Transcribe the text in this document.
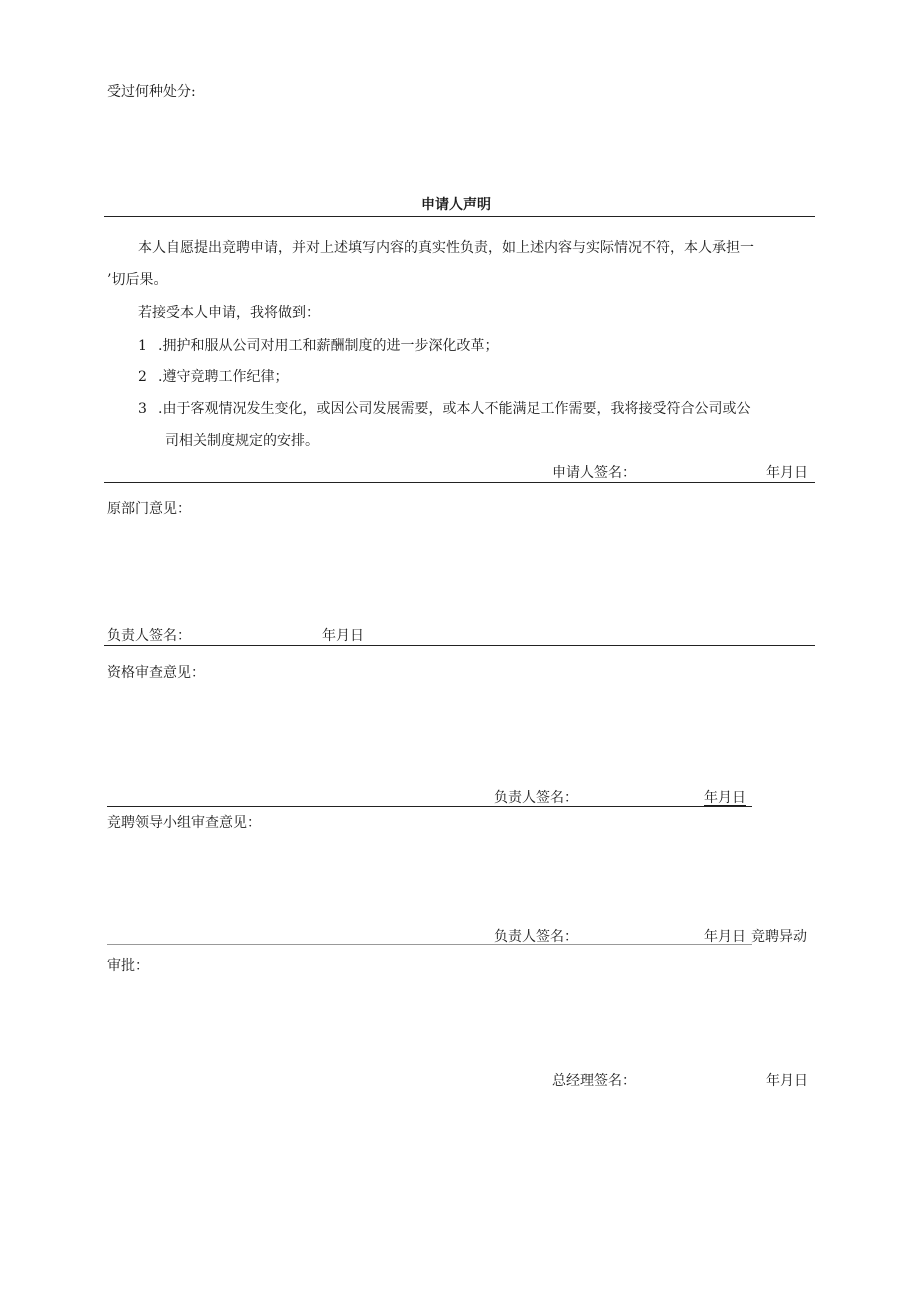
受过何种处分:
申请人声明
本人自愿提出竞聘申请，并对上述填写内容的真实性负责，如上述内容与实际情况不符，本人承担一
’切后果。
若接受本人申请，我将做到：
1 .拥护和服从公司对用工和薪酬制度的进一步深化改革；
2 .遵守竞聘工作纪律；
3 .由于客观情况发生变化，或因公司发展需要，或本人不能满足工作需要，我将接受符合公司或公
司相关制度规定的安排。
申请人签名：	年月日
原部门意见：
负责人签名：	年月日
资格审查意见：
负责人签名：	年月日
竞聘领导小组审查意见：
负责人签名：	年月日 竞聘异动
审批：
总经理签名：	年月日
